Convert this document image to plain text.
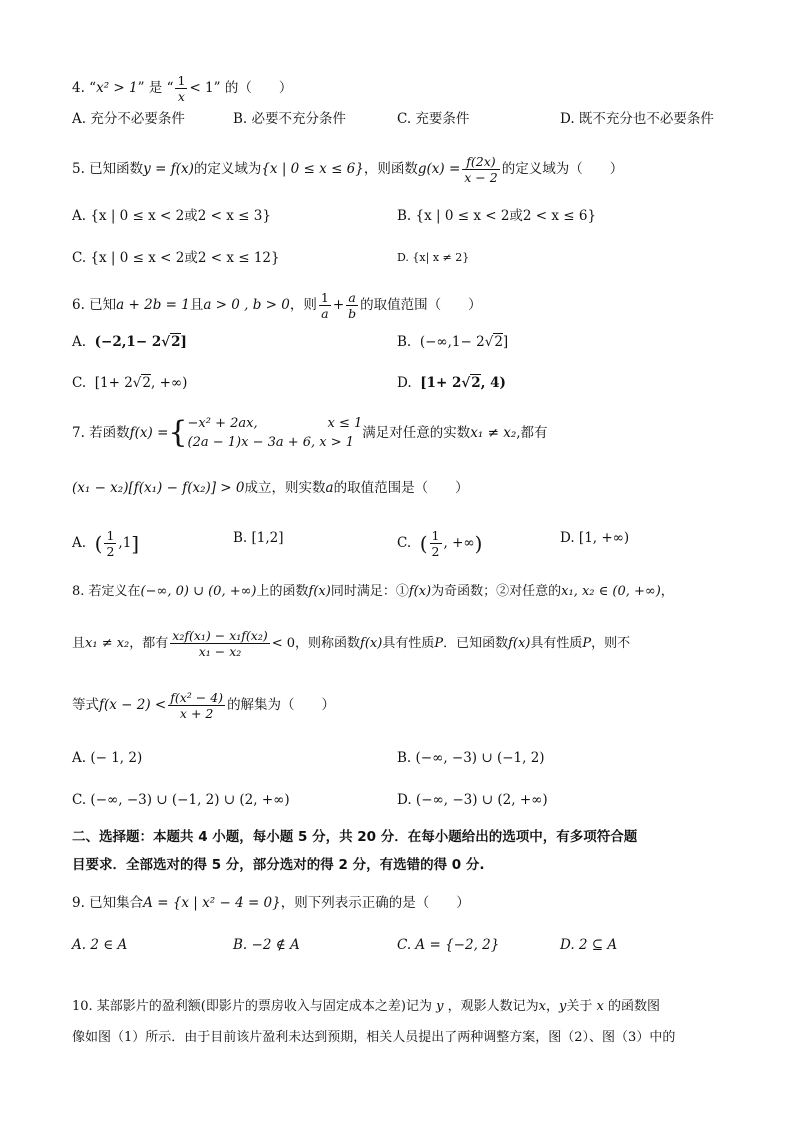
4. “x² > 1” 是 “ $\frac{1}{x} < 1$” 的（　　）
A. 充分不必要条件	B. 必要不充分条件	C. 充要条件	D. 既不充分也不必要条件
5. 已知函数y = f(x)的定义域为{x | 0 ≤ x ≤ 6}，则函数$g(x) = \frac{f(2x)}{x - 2}$ 的定义域为（　　）
A. {x | 0 ≤ x < 2或2 < x ≤ 3}	B. {x | 0 ≤ x < 2或2 < x ≤ 6}
C. {x | 0 ≤ x < 2或2 < x ≤ 12}	D. {x| x ≠ 2}
6. 已知a + 2b = 1且a > 0 , b > 0，则 $\frac{1}{a} + \frac{a}{b}$ 的取值范围（　　）
A. (−2,1− 2√2]	B. (−∞,1− 2√2]
C. [1+ 2√2, +∞)	D. [1+ 2√2, 4)
7. 若函数f(x) ={ −x² + 2ax,	x ≤ 1
(2a − 1)x − 3a + 6, x > 1
满足对任意的实数x₁ ≠ x₂,都有
(x₁ − x₂)[f(x₁) − f(x₂)] > 0成立，则实数a的取值范围是（　　）
A. ( $\frac{1}{2} ,1$]	B. [1,2]	C. ( $\frac{1}{2}$ , +∞)	D. [1, +∞)
8. 若定义在(−∞, 0) ∪ (0, +∞)上的函数f(x)同时满足：①f(x)为奇函数；②对任意的x₁, x₂ ∈ (0, +∞)，
且x₁ ≠ x₂，都有 $\frac{\text{x₂f(x₁) − x₁f(x₂)}}{\text{x₁ − x₂}} < 0$，则称函数f(x)具有性质P．已知函数f(x)具有性质P，则不
等式$f(x - 2) < \frac{\text{f(x² − 4)}}{x + 2}$ 的解集为（　　）
A. (− 1, 2)	B. (−∞, −3) ∪ (−1, 2)
C. (−∞, −3) ∪ (−1, 2) ∪ (2, +∞)	D. (−∞, −3) ∪ (2, +∞)
二、选择题：本题共 4 小题，每小题 5 分，共 20 分．在每小题给出的选项中，有多项符合题
目要求．全部选对的得 5 分，部分选对的得 2 分，有选错的得 0 分.
9. 已知集合A = {x | x² − 4 = 0}，则下列表示正确的是（　　）
A. 2 ∈ A	B. −2 ∉ A	C. A = {−2, 2}	D. 2 ⊆ A
10. 某部影片的盈利额(即影片的票房收入与固定成本之差)记为 y ，观影人数记为x，y关于 x 的函数图
像如图（1）所示．由于目前该片盈利未达到预期，相关人员提出了两种调整方案，图（2）、图（3）中的
